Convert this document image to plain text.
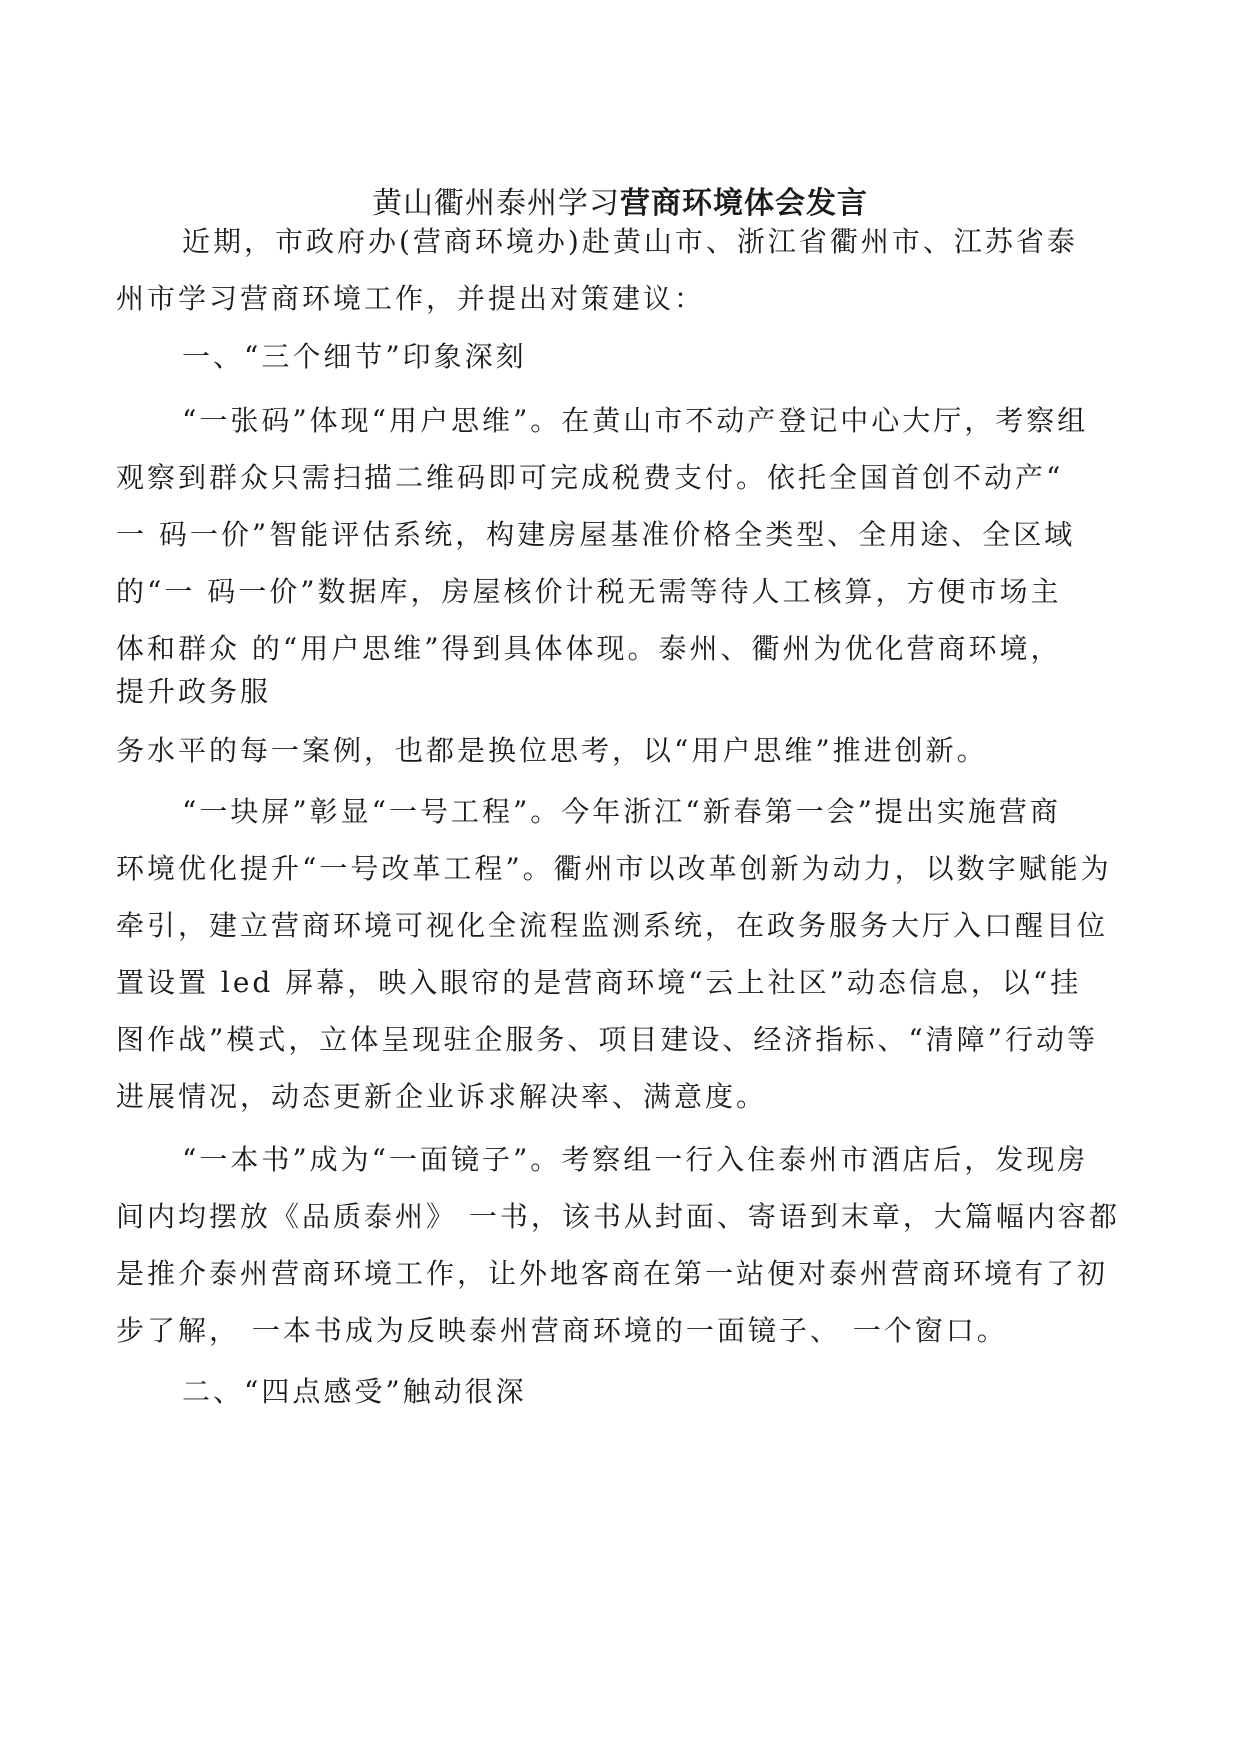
黄山衢州泰州学习营商环境体会发言
近期，市政府办(营商环境办)赴黄山市、浙江省衢州市、江苏省泰
州市学习营商环境工作，并提出对策建议：
一、“三个细节”印象深刻
“一张码”体现“用户思维”。在黄山市不动产登记中心大厅，考察组
观察到群众只需扫描二维码即可完成税费支付。依托全国首创不动产“
一 码一价”智能评估系统，构建房屋基准价格全类型、全用途、全区域
的“一 码一价”数据库，房屋核价计税无需等待人工核算，方便市场主
体和群众 的“用户思维”得到具体体现。泰州、衢州为优化营商环境，
提升政务服
务水平的每一案例，也都是换位思考，以“用户思维”推进创新。
“一块屏”彰显“一号工程”。今年浙江“新春第一会”提出实施营商
环境优化提升“一号改革工程”。衢州市以改革创新为动力，以数字赋能为
牵引，建立营商环境可视化全流程监测系统，在政务服务大厅入口醒目位
置设置 led 屏幕，映入眼帘的是营商环境“云上社区”动态信息，以“挂
图作战”模式，立体呈现驻企服务、项目建设、经济指标、“清障”行动等
进展情况，动态更新企业诉求解决率、满意度。
“一本书”成为“一面镜子”。考察组一行入住泰州市酒店后，发现房
间内均摆放《品质泰州》 一书，该书从封面、寄语到末章，大篇幅内容都
是推介泰州营商环境工作，让外地客商在第一站便对泰州营商环境有了初
步了解， 一本书成为反映泰州营商环境的一面镜子、 一个窗口。
二、“四点感受”触动很深
